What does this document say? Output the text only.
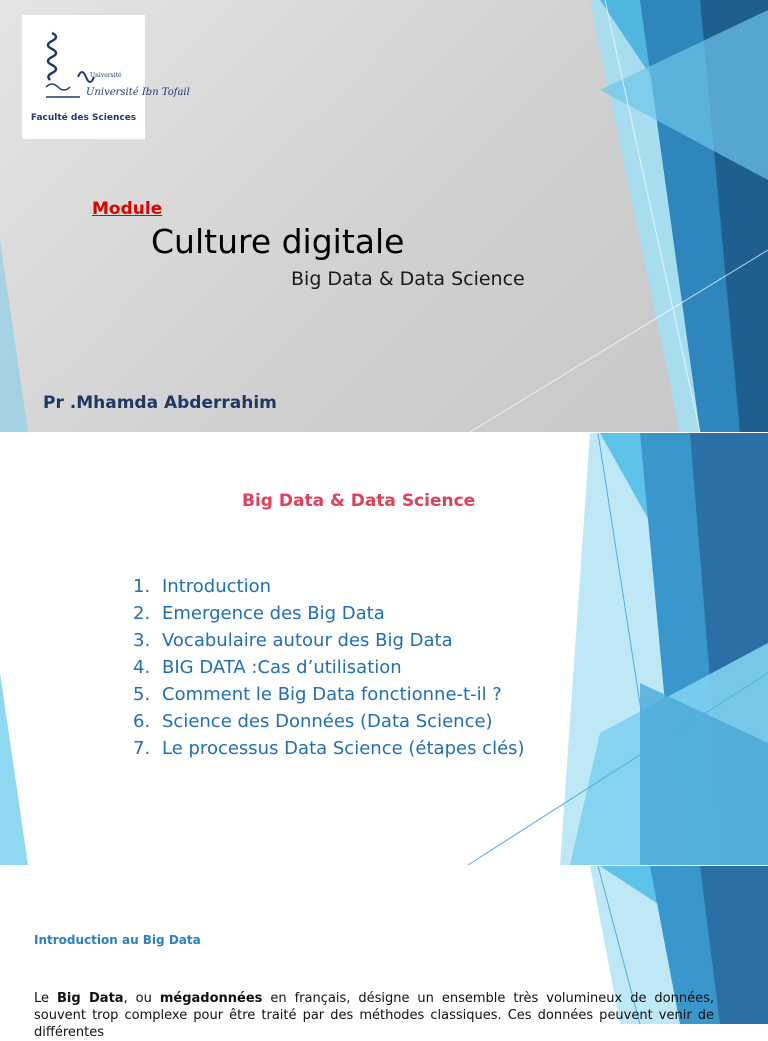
Université
Université Ibn Tofail
Faculté des Sciences
Module
Culture digitale
Big Data & Data Science
Pr .Mhamda Abderrahim
Big Data & Data Science
1. Introduction
2. Emergence des Big Data
3. Vocabulaire autour des Big Data
4. BIG DATA :Cas d’utilisation
5. Comment le Big Data fonctionne-t-il ?
6. Science des Données (Data Science)
7. Le processus Data Science (étapes clés)
Introduction au Big Data
Le Big Data, ou mégadonnées en français, désigne un ensemble très volumineux de données, souvent trop complexe pour être traité par des méthodes classiques. Ces données peuvent venir de différentes
